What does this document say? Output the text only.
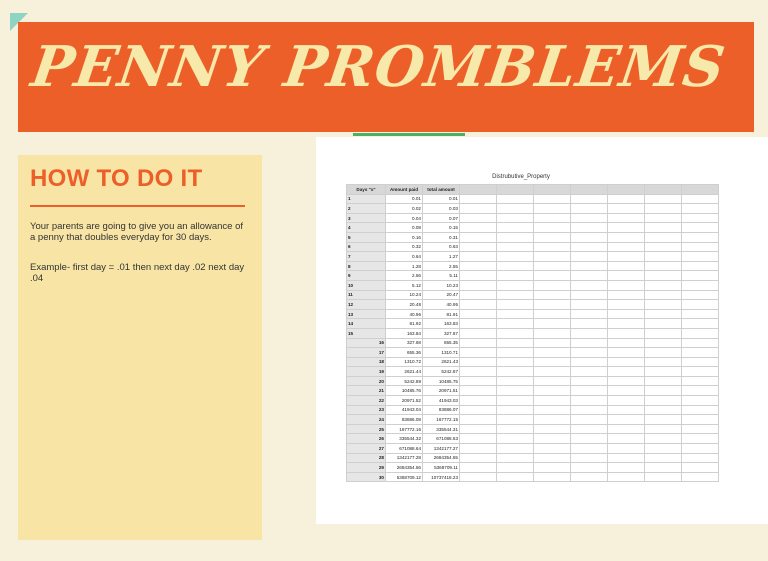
PENNY PROMBLEMS
HOW TO DO IT
Your parents are going to give you an allowance of a penny that doubles everyday for 30 days.
Example- first day = .01 then next day .02 next day .04
Distrubutive_Property
Days "x"	Amount paid	total amount							
1	0.01	0.01							
2	0.02	0.03							
3	0.04	0.07							
4	0.08	0.15							
5	0.16	0.31							
6	0.32	0.63							
7	0.64	1.27							
8	1.28	2.55							
9	2.56	5.11							
10	5.12	10.23							
11	10.24	20.47							
12	20.48	40.95							
13	40.96	81.91							
14	81.92	163.83							
15	163.84	327.67							
16	327.68	655.35							
17	655.36	1310.71							
18	1310.72	2621.43							
19	2621.44	5242.87							
20	5242.88	10485.75							
21	10485.76	20971.51							
22	20971.52	41943.03							
23	41943.04	83886.07							
24	83886.08	167772.15							
25	167772.16	335544.31							
26	335544.32	671088.63							
27	671088.64	1342177.27							
28	1342177.28	2684354.55							
29	2684354.56	5368709.11							
30	5368709.12	10737418.23							
